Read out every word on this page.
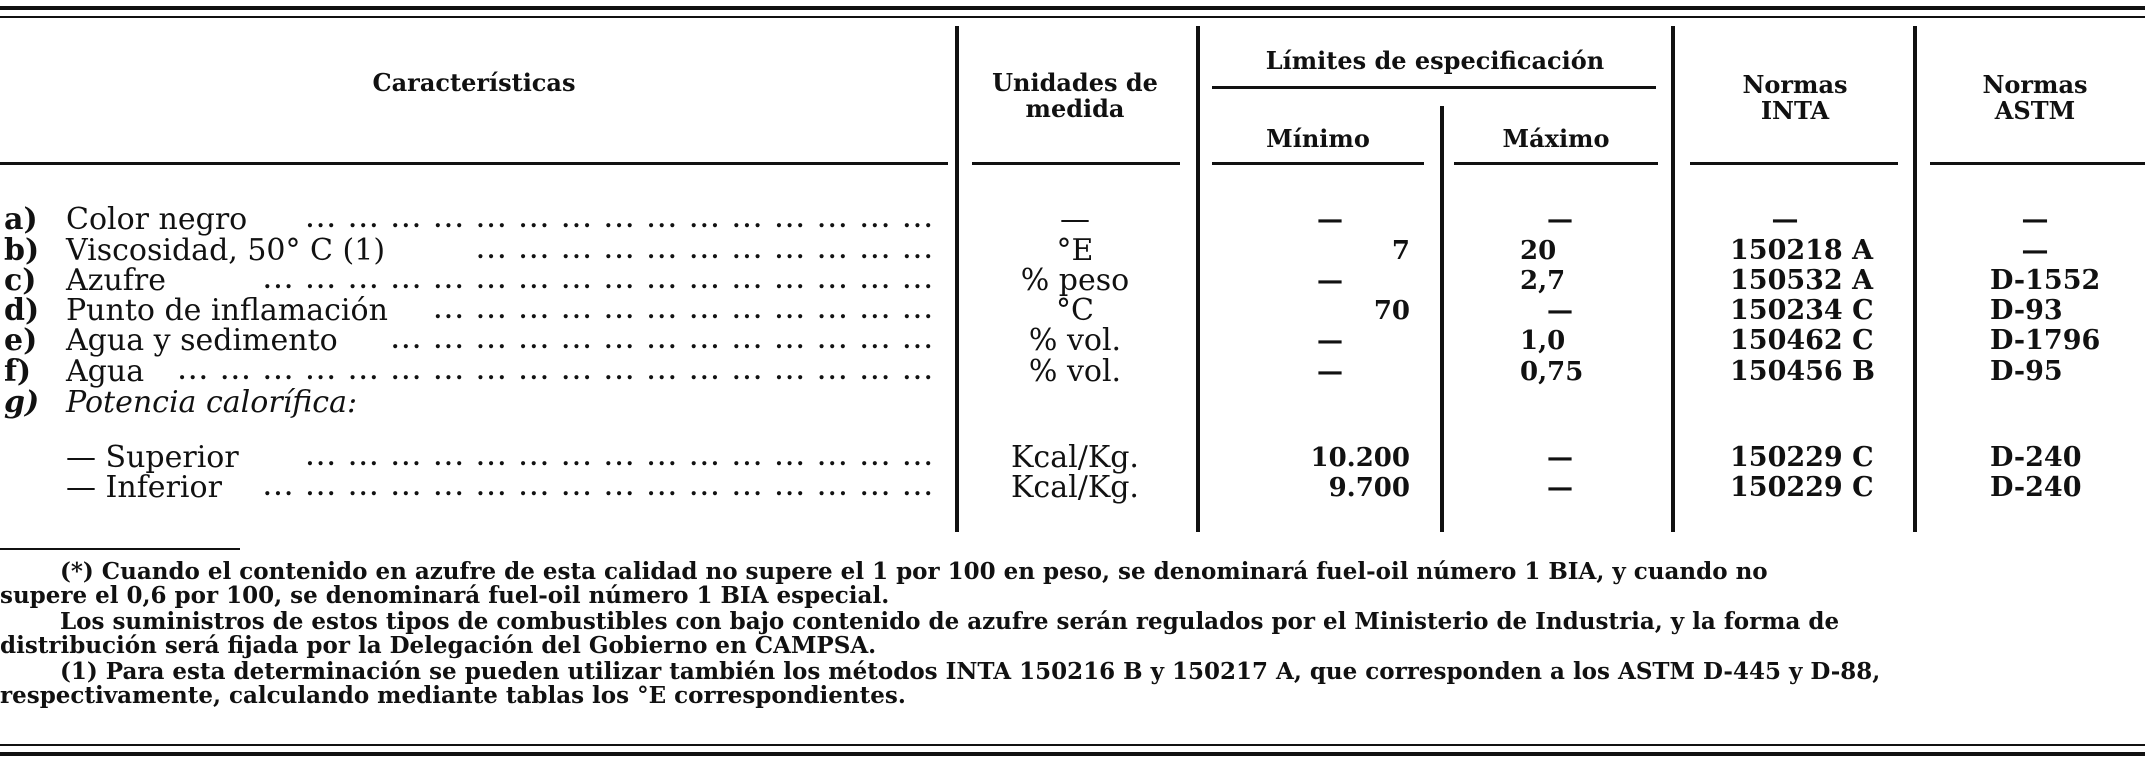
Características	Unidades de medida
Límites de especificación
Mínimo	Máximo
Normas INTA
Normas ASTM
a) Color negro	... ... ... ... ... ... ... ... ... ... ... ... ... ... ...	—	—	—	—	—
b) Viscosidad, 50° C (1)	... ... ... ... ... ... ... ... ... ... ...	°E	7	20	150218 A	—
c) Azufre	... ... ... ... ... ... ... ... ... ... ... ... ... ... ... ...	% peso	—	2,7	150532 A	D-1552
d) Punto de inflamación ... ... ... ... ... ... ... ... ... ... ... ...	°C	70	—	150234 C	D-93
e) Agua y sedimento ... ... ... ... ... ... ... ... ... ... ... ... ...	% vol.	—	1,0	150462 C	D-1796
f) Agua ... ... ... ... ... ... ... ... ... ... ... ... ... ... ... ... ... ...	% vol.	—	0,75	150456 B	D-95
g) Potencia calorífica:
— Superior	... ... ... ... ... ... ... ... ... ... ... ... ... ... ...	Kcal/Kg.	10.200	—	150229 C	D-240
— Inferior ... ... ... ... ... ... ... ... ... ... ... ... ... ... ... ...	Kcal/Kg.	9.700	—	150229 C	D-240
(*) Cuando el contenido en azufre de esta calidad no supere el 1 por 100 en peso, se denominará fuel-oil número 1 BIA, y cuando no
supere el 0,6 por 100, se denominará fuel-oil número 1 BIA especial.
Los suministros de estos tipos de combustibles con bajo contenido de azufre serán regulados por el Ministerio de Industria, y la forma de
distribución será fijada por la Delegación del Gobierno en CAMPSA.
(1) Para esta determinación se pueden utilizar también los métodos INTA 150216 B y 150217 A, que corresponden a los ASTM D-445 y D-88,
respectivamente, calculando mediante tablas los °E correspondientes.
